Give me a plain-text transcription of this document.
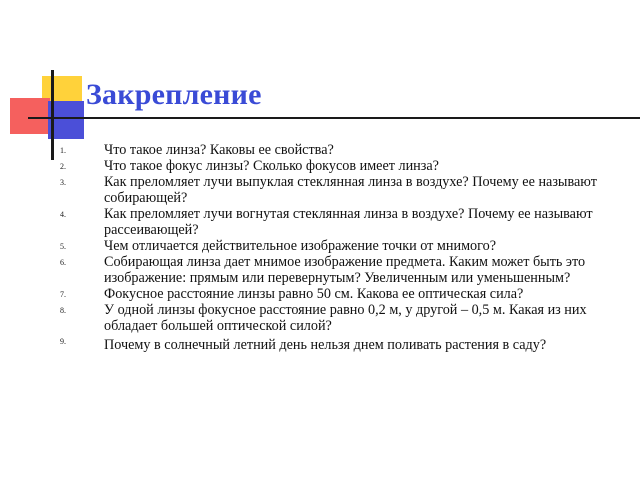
Закрепление
1.	Что такое линза? Каковы ее свойства?
2.	Что такое фокус линзы? Сколько фокусов имеет линза?
3.	Как преломляет лучи выпуклая стеклянная линза в воздухе? Почему ее называют собирающей?
4.	Как преломляет лучи вогнутая стеклянная линза в воздухе? Почему ее называют рассеивающей?
5.	Чем отличается действительное изображение точки от мнимого?
6.	Собирающая линза дает мнимое изображение предмета. Каким может быть это изображение: прямым или перевернутым? Увеличенным или уменьшенным?
7.	Фокусное расстояние линзы равно 50 см. Какова ее оптическая сила?
8.	У одной линзы фокусное расстояние равно 0,2 м, у другой – 0,5 м. Какая из них обладает большей оптической силой?
9.	Почему в солнечный летний день нельзя днем поливать растения в саду?
